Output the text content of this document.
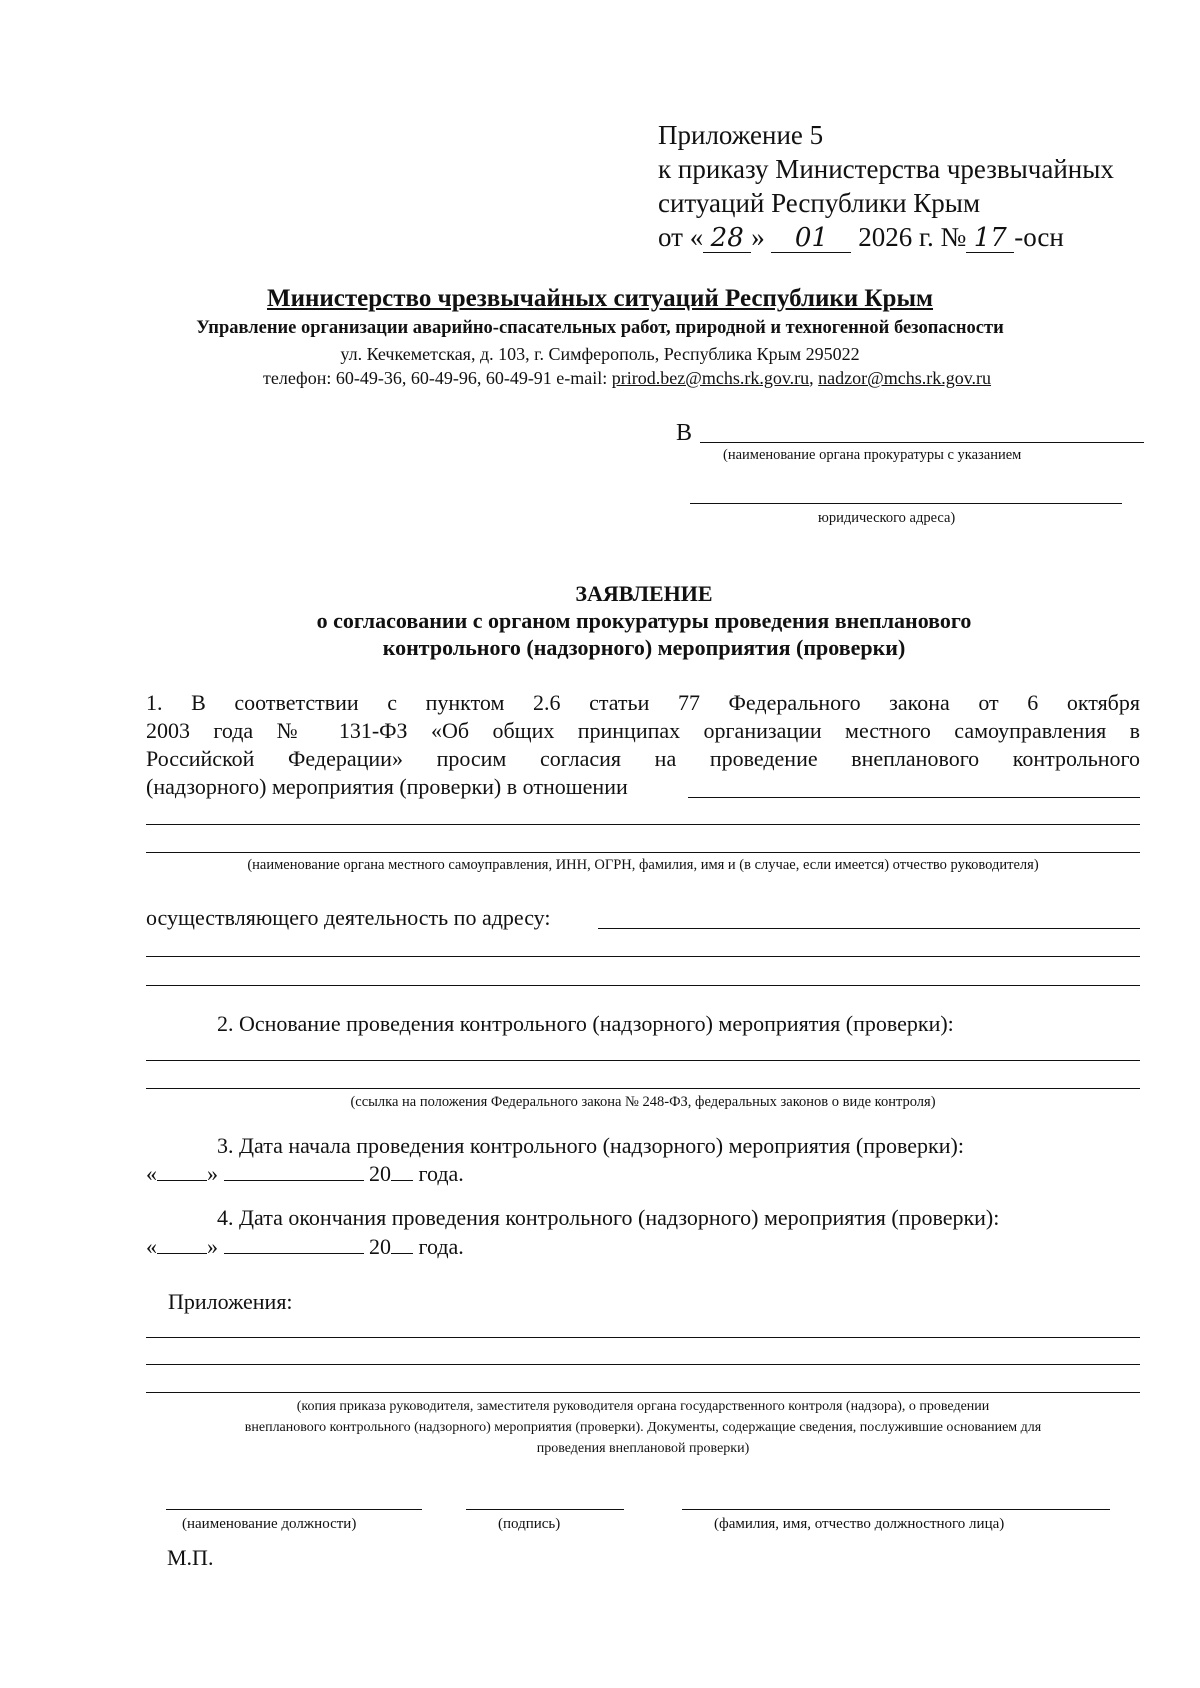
Приложение 5
к приказу Министерства чрезвычайных
ситуаций Республики Крым
от « 28 » 01 2026 г. № 17 -осн
Министерство чрезвычайных ситуаций Республики Крым
Управление организации аварийно-спасательных работ, природной и техногенной безопасности
ул. Кечкеметская, д. 103, г. Симферополь, Республика Крым 295022
телефон: 60-49-36, 60-49-96, 60-49-91 e-mail: prirod.bez@mchs.rk.gov.ru, nadzor@mchs.rk.gov.ru
В
(наименование органа прокуратуры с указанием
юридического адреса)
ЗАЯВЛЕНИЕ
о согласовании с органом прокуратуры проведения внепланового
контрольного (надзорного) мероприятия (проверки)
1. В соответствии с пунктом 2.6 статьи 77 Федерального закона от 6 октября
2003 года № 131-ФЗ «Об общих принципах организации местного самоуправления в
Российской Федерации» просим согласия на проведение внепланового контрольного
(надзорного) мероприятия (проверки) в отношении
(наименование органа местного самоуправления, ИНН, ОГРН, фамилия, имя и (в случае, если имеется) отчество руководителя)
осуществляющего деятельность по адресу:
2. Основание проведения контрольного (надзорного) мероприятия (проверки):
(ссылка на положения Федерального закона № 248-ФЗ, федеральных законов о виде контроля)
3. Дата начала проведения контрольного (надзорного) мероприятия (проверки):
« »	20 года.
4. Дата окончания проведения контрольного (надзорного) мероприятия (проверки):
« »	20 года.
Приложения:
(копия приказа руководителя, заместителя руководителя органа государственного контроля (надзора), о проведении
внепланового контрольного (надзорного) мероприятия (проверки). Документы, содержащие сведения, послужившие основанием для
проведения внеплановой проверки)
(наименование должности)	(подпись)	(фамилия, имя, отчество должностного лица)
М.П.
